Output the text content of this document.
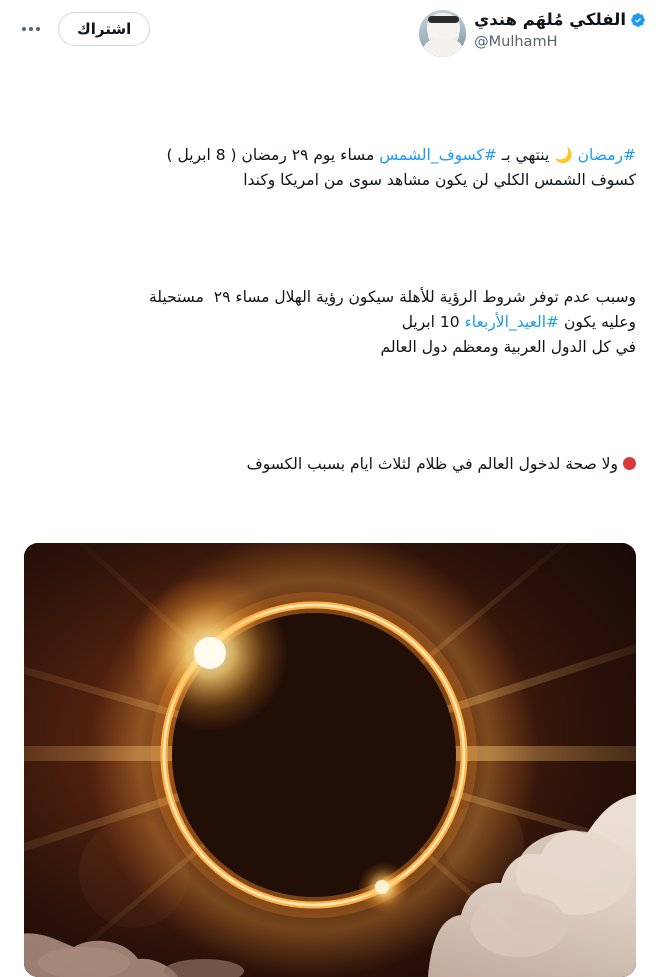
اشتراك	الفلكي مُلهَم هندي
@MulhamH

#رمضان 🌙 ينتهي بـ #كسوف_الشمس مساء يوم ٢٩ رمضان ( 8 ابريل )
كسوف الشمس الكلي لن يكون مشاهد سوى من امريكا وكندا

وسبب عدم توفر شروط الرؤية للأهلة سيكون رؤية الهلال مساء ٢٩  مستحيلة
وعليه يكون #العيد_الأربعاء 10 ابريل
في كل الدول العربية ومعظم دول العالم

ولا صحة لدخول العالم في ظلام لثلاث ايام بسبب الكسوف
